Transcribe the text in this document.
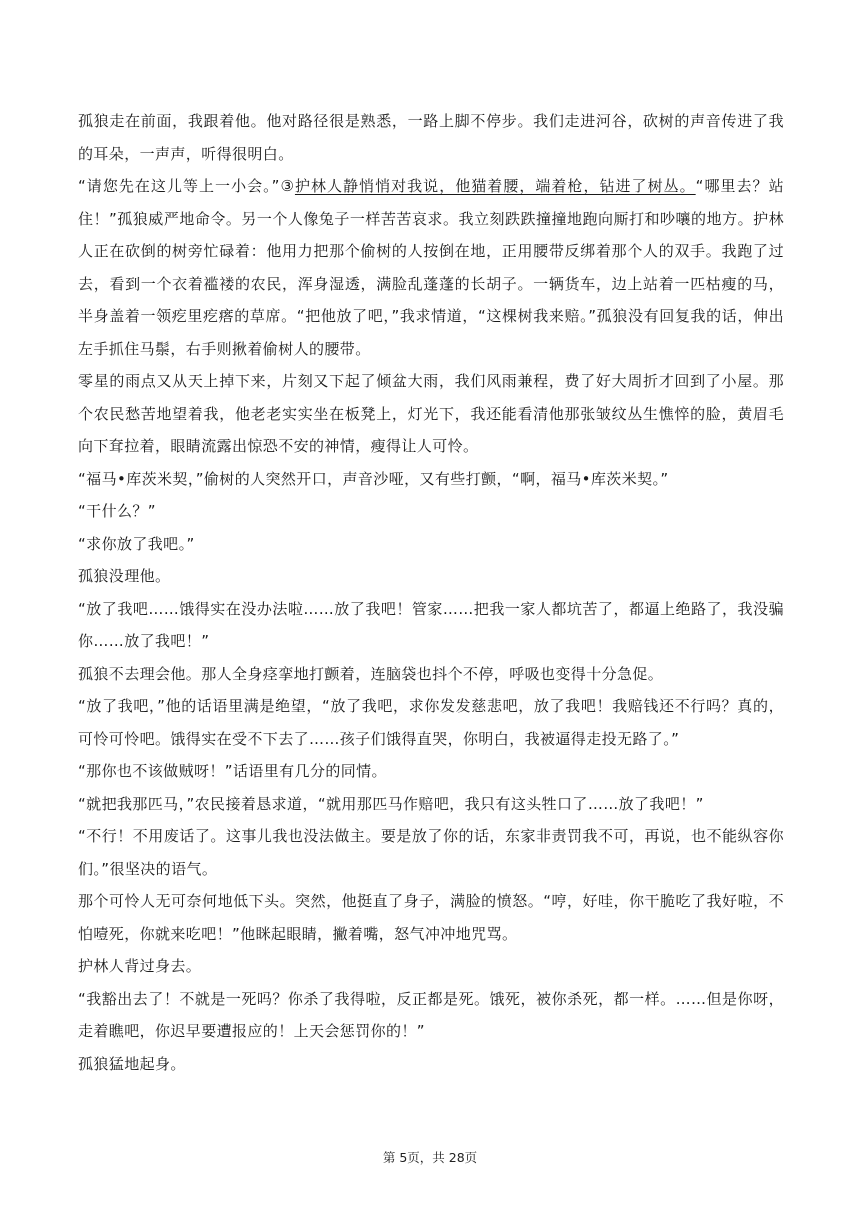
孤狼走在前面，我跟着他。他对路径很是熟悉，一路上脚不停步。我们走进河谷，砍树的声音传进了我的耳朵，一声声，听得很明白。

“请您先在这儿等上一小会。”③护林人静悄悄对我说，他猫着腰，端着枪，钻进了树丛。“哪里去？站住！”孤狼威严地命令。另一个人像兔子一样苦苦哀求。我立刻跌跌撞撞地跑向厮打和吵嚷的地方。护林人正在砍倒的树旁忙碌着：他用力把那个偷树的人按倒在地，正用腰带反绑着那个人的双手。我跑了过去，看到一个衣着褴褛的农民，浑身湿透，满脸乱蓬蓬的长胡子。一辆货车，边上站着一匹枯瘦的马，半身盖着一领疙里疙瘩的草席。“把他放了吧，”我求情道，“这棵树我来赔。”孤狼没有回复我的话，伸出左手抓住马鬃，右手则揪着偷树人的腰带。

零星的雨点又从天上掉下来，片刻又下起了倾盆大雨，我们风雨兼程，费了好大周折才回到了小屋。那个农民愁苦地望着我，他老老实实坐在板凳上，灯光下，我还能看清他那张皱纹丛生憔悴的脸，黄眉毛向下耷拉着，眼睛流露出惊恐不安的神情，瘦得让人可怜。

“福马•库茨米契，”偷树的人突然开口，声音沙哑，又有些打颤，“啊，福马•库茨米契。”

“干什么？”

“求你放了我吧。”

孤狼没理他。

“放了我吧……饿得实在没办法啦……放了我吧！管家……把我一家人都坑苦了，都逼上绝路了，我没骗你……放了我吧！”

孤狼不去理会他。那人全身痉挛地打颤着，连脑袋也抖个不停，呼吸也变得十分急促。

“放了我吧，”他的话语里满是绝望，“放了我吧，求你发发慈悲吧，放了我吧！我赔钱还不行吗？真的，可怜可怜吧。饿得实在受不下去了……孩子们饿得直哭，你明白，我被逼得走投无路了。”

“那你也不该做贼呀！”话语里有几分的同情。

“就把我那匹马，”农民接着恳求道，“就用那匹马作赔吧，我只有这头牲口了……放了我吧！”

“不行！不用废话了。这事儿我也没法做主。要是放了你的话，东家非责罚我不可，再说，也不能纵容你们。”很坚决的语气。

那个可怜人无可奈何地低下头。突然，他挺直了身子，满脸的愤怒。“哼，好哇，你干脆吃了我好啦，不怕噎死，你就来吃吧！”他眯起眼睛，撇着嘴，怒气冲冲地咒骂。

护林人背过身去。

“我豁出去了！不就是一死吗？你杀了我得啦，反正都是死。饿死，被你杀死，都一样。……但是你呀，走着瞧吧，你迟早要遭报应的！上天会惩罚你的！”

孤狼猛地起身。

第 5页，共 28页
